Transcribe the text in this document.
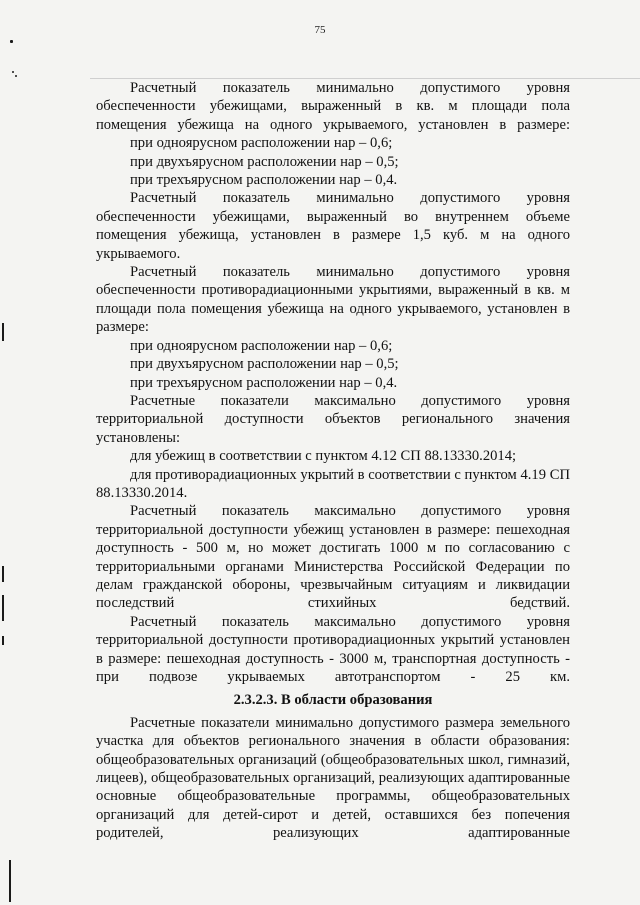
75

Расчетный показатель минимально допустимого уровня обеспеченности убежищами, выраженный в кв. м площади пола помещения убежища на одного укрываемого, установлен в размере:

при одноярусном расположении нар – 0,6;

при двухъярусном расположении нар – 0,5;

при трехъярусном расположении нар – 0,4.

Расчетный показатель минимально допустимого уровня обеспеченности убежищами, выраженный во внутреннем объеме помещения убежища, установлен в размере 1,5 куб. м на одного укрываемого.

Расчетный показатель минимально допустимого уровня обеспеченности противорадиационными укрытиями, выраженный в кв. м площади пола помещения убежища на одного укрываемого, установлен в размере:

при одноярусном расположении нар – 0,6;

при двухъярусном расположении нар – 0,5;

при трехъярусном расположении нар – 0,4.

Расчетные показатели максимально допустимого уровня территориальной доступности объектов регионального значения установлены:

для убежищ в соответствии с пунктом 4.12 СП 88.13330.2014;

для противорадиационных укрытий в соответствии с пунктом 4.19 СП 88.13330.2014.

Расчетный показатель максимально допустимого уровня территориальной доступности убежищ установлен в размере: пешеходная доступность - 500 м, но может достигать 1000 м по согласованию с территориальными органами Министерства Российской Федерации по делам гражданской обороны, чрезвычайным ситуациям и ликвидации последствий стихийных бедствий.

Расчетный показатель максимально допустимого уровня территориальной доступности противорадиационных укрытий установлен в размере: пешеходная доступность - 3000 м, транспортная доступность - при подвозе укрываемых автотранспортом - 25 км.

2.3.2.3. В области образования

Расчетные показатели минимально допустимого размера земельного участка для объектов регионального значения в области образования: общеобразовательных организаций (общеобразовательных школ, гимназий, лицеев), общеобразовательных организаций, реализующих адаптированные основные общеобразовательные программы, общеобразовательных организаций для детей-сирот и детей, оставшихся без попечения родителей, реализующих адаптированные
